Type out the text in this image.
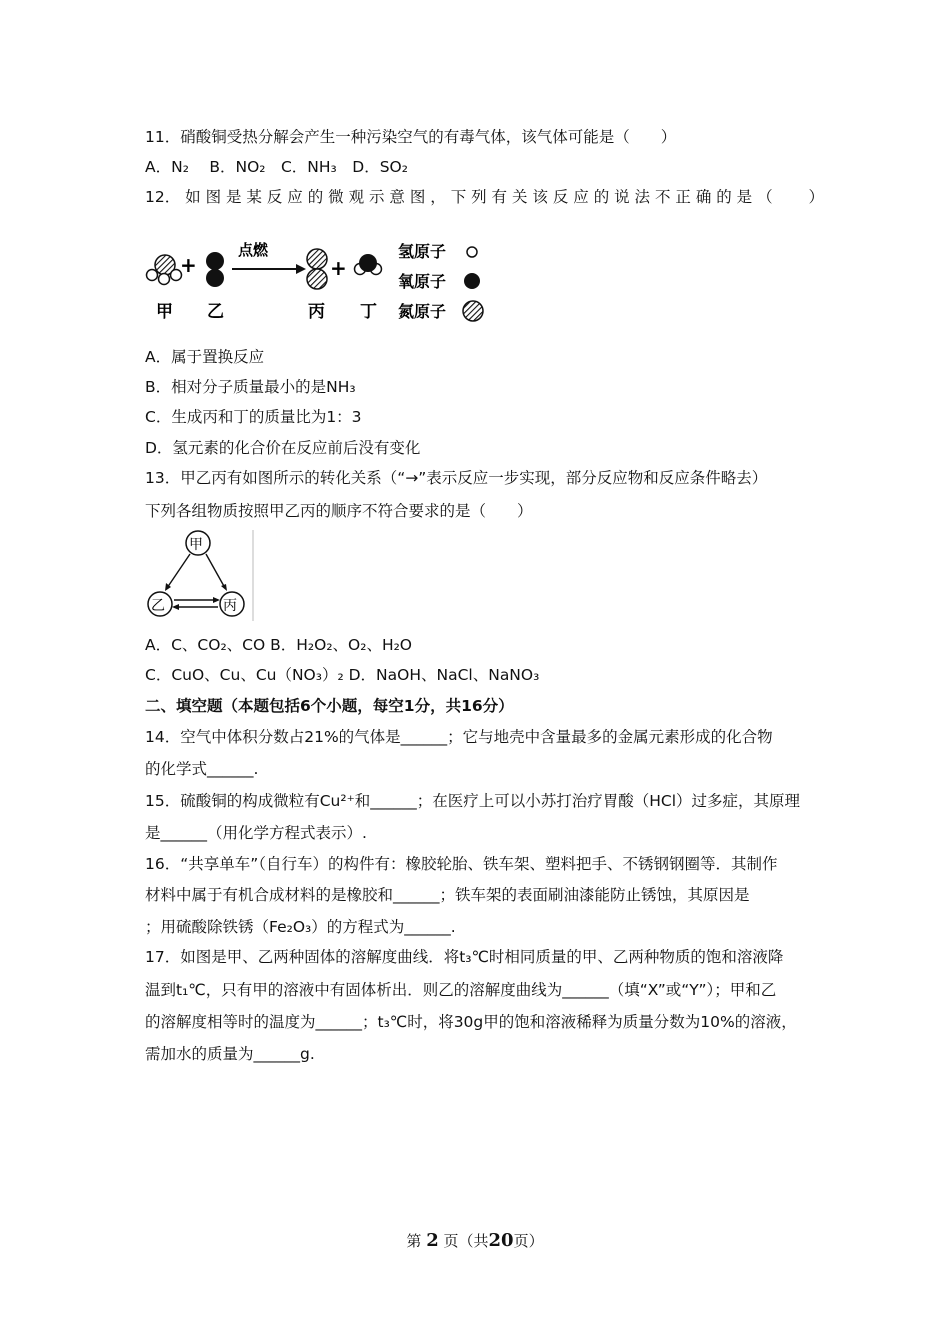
11．硝酸铜受热分解会产生一种污染空气的有毒气体，该气体可能是（　　）
A．N₂　 B．NO₂　C．NH₃　D．SO₂
12． 如 图 是 某 反 应 的 微 观 示 意 图 ， 下 列 有 关 该 反 应 的 说 法 不 正 确 的 是 （　　 ）
+
点燃
+
甲 乙	丙 丁
氢原子
氧原子
氮原子
A．属于置换反应
B．相对分子质量最小的是NH₃
C．生成丙和丁的质量比为1：3
D．氢元素的化合价在反应前后没有变化
13．甲乙丙有如图所示的转化关系（“→”表示反应一步实现，部分反应物和反应条件略去）
下列各组物质按照甲乙丙的顺序不符合要求的是（　　）
甲
乙	丙
A．C、CO₂、CO B．H₂O₂、O₂、H₂O
C．CuO、Cu、Cu（NO₃）₂ D．NaOH、NaCl、NaNO₃
二、填空题（本题包括6个小题，每空1分，共16分）
14．空气中体积分数占21%的气体是______；它与地壳中含量最多的金属元素形成的化合物
的化学式______.
15．硫酸铜的构成微粒有Cu²⁺和______；在医疗上可以小苏打治疗胃酸（HCl）过多症，其原理
是______（用化学方程式表示）.
16．“共享单车”（自行车）的构件有：橡胶轮胎、铁车架、塑料把手、不锈钢钢圈等．其制作
材料中属于有机合成材料的是橡胶和______；铁车架的表面刷油漆能防止锈蚀，其原因是
；用硫酸除铁锈（Fe₂O₃）的方程式为______.
17．如图是甲、乙两种固体的溶解度曲线．将t₃℃时相同质量的甲、乙两种物质的饱和溶液降
温到t₁℃，只有甲的溶液中有固体析出．则乙的溶解度曲线为______（填“X”或“Y”）；甲和乙
的溶解度相等时的温度为______；t₃℃时，将30g甲的饱和溶液稀释为质量分数为10%的溶液，
需加水的质量为______g.
第 2 页（共20页）
